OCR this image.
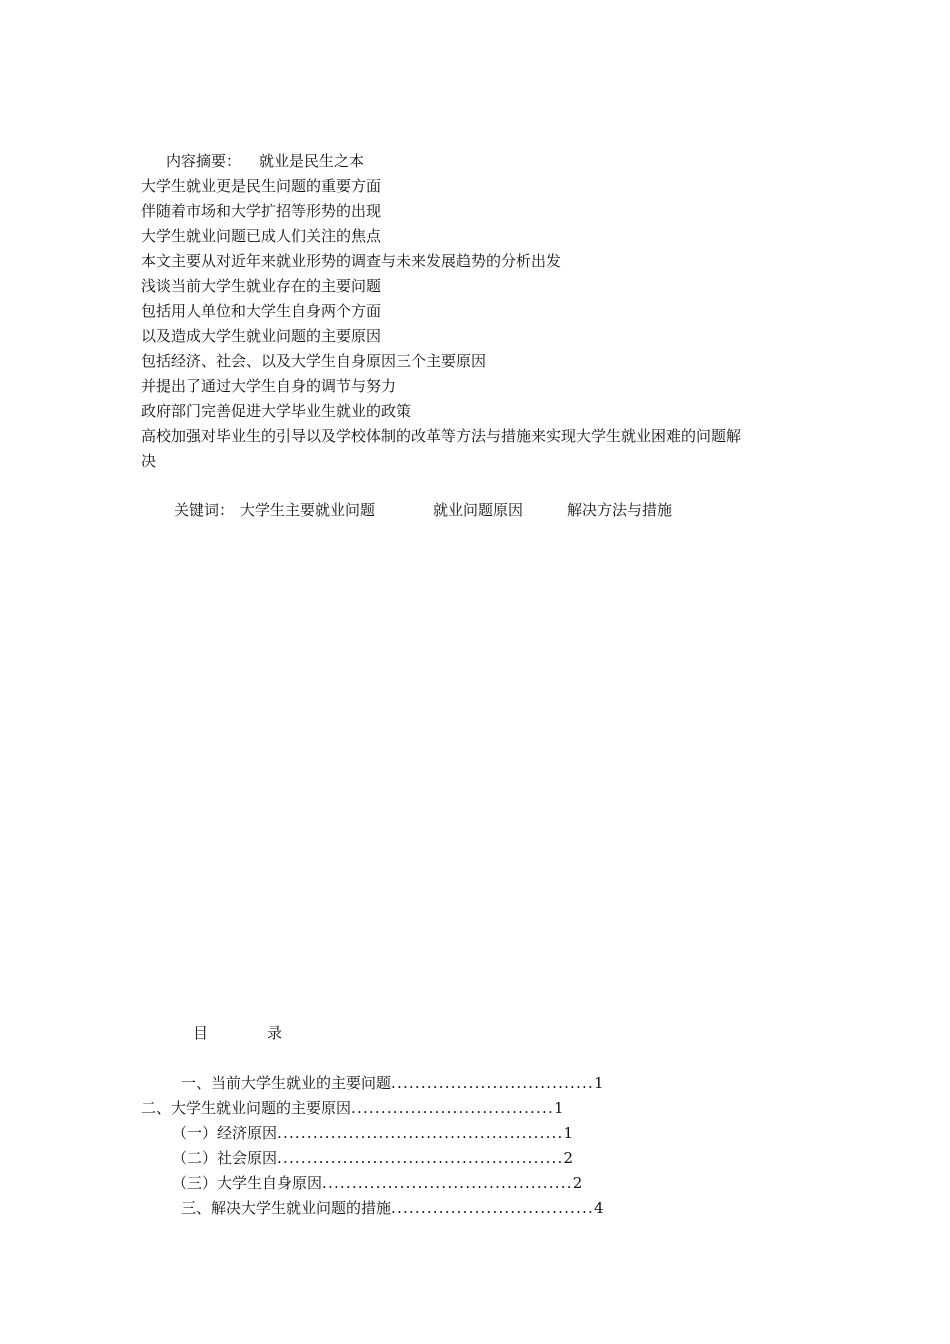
内容摘要： 就业是民生之本
大学生就业更是民生问题的重要方面
伴随着市场和大学扩招等形势的出现
大学生就业问题已成人们关注的焦点
本文主要从对近年来就业形势的调查与未来发展趋势的分析出发
浅谈当前大学生就业存在的主要问题
包括用人单位和大学生自身两个方面
以及造成大学生就业问题的主要原因
包括经济、社会、以及大学生自身原因三个主要原因
并提出了通过大学生自身的调节与努力
政府部门完善促进大学毕业生就业的政策
高校加强对毕业生的引导以及学校体制的改革等方法与措施来实现大学生就业困难的问题解
决
关键词： 大学生主要就业问题	就业问题原因	解决方法与措施
目	录
一、当前大学生就业的主要问题..................................1
二、大学生就业问题的主要原因..................................1
（一）经济原因................................................1
（二）社会原因................................................2
（三）大学生自身原因..........................................2
三、解决大学生就业问题的措施..................................4
